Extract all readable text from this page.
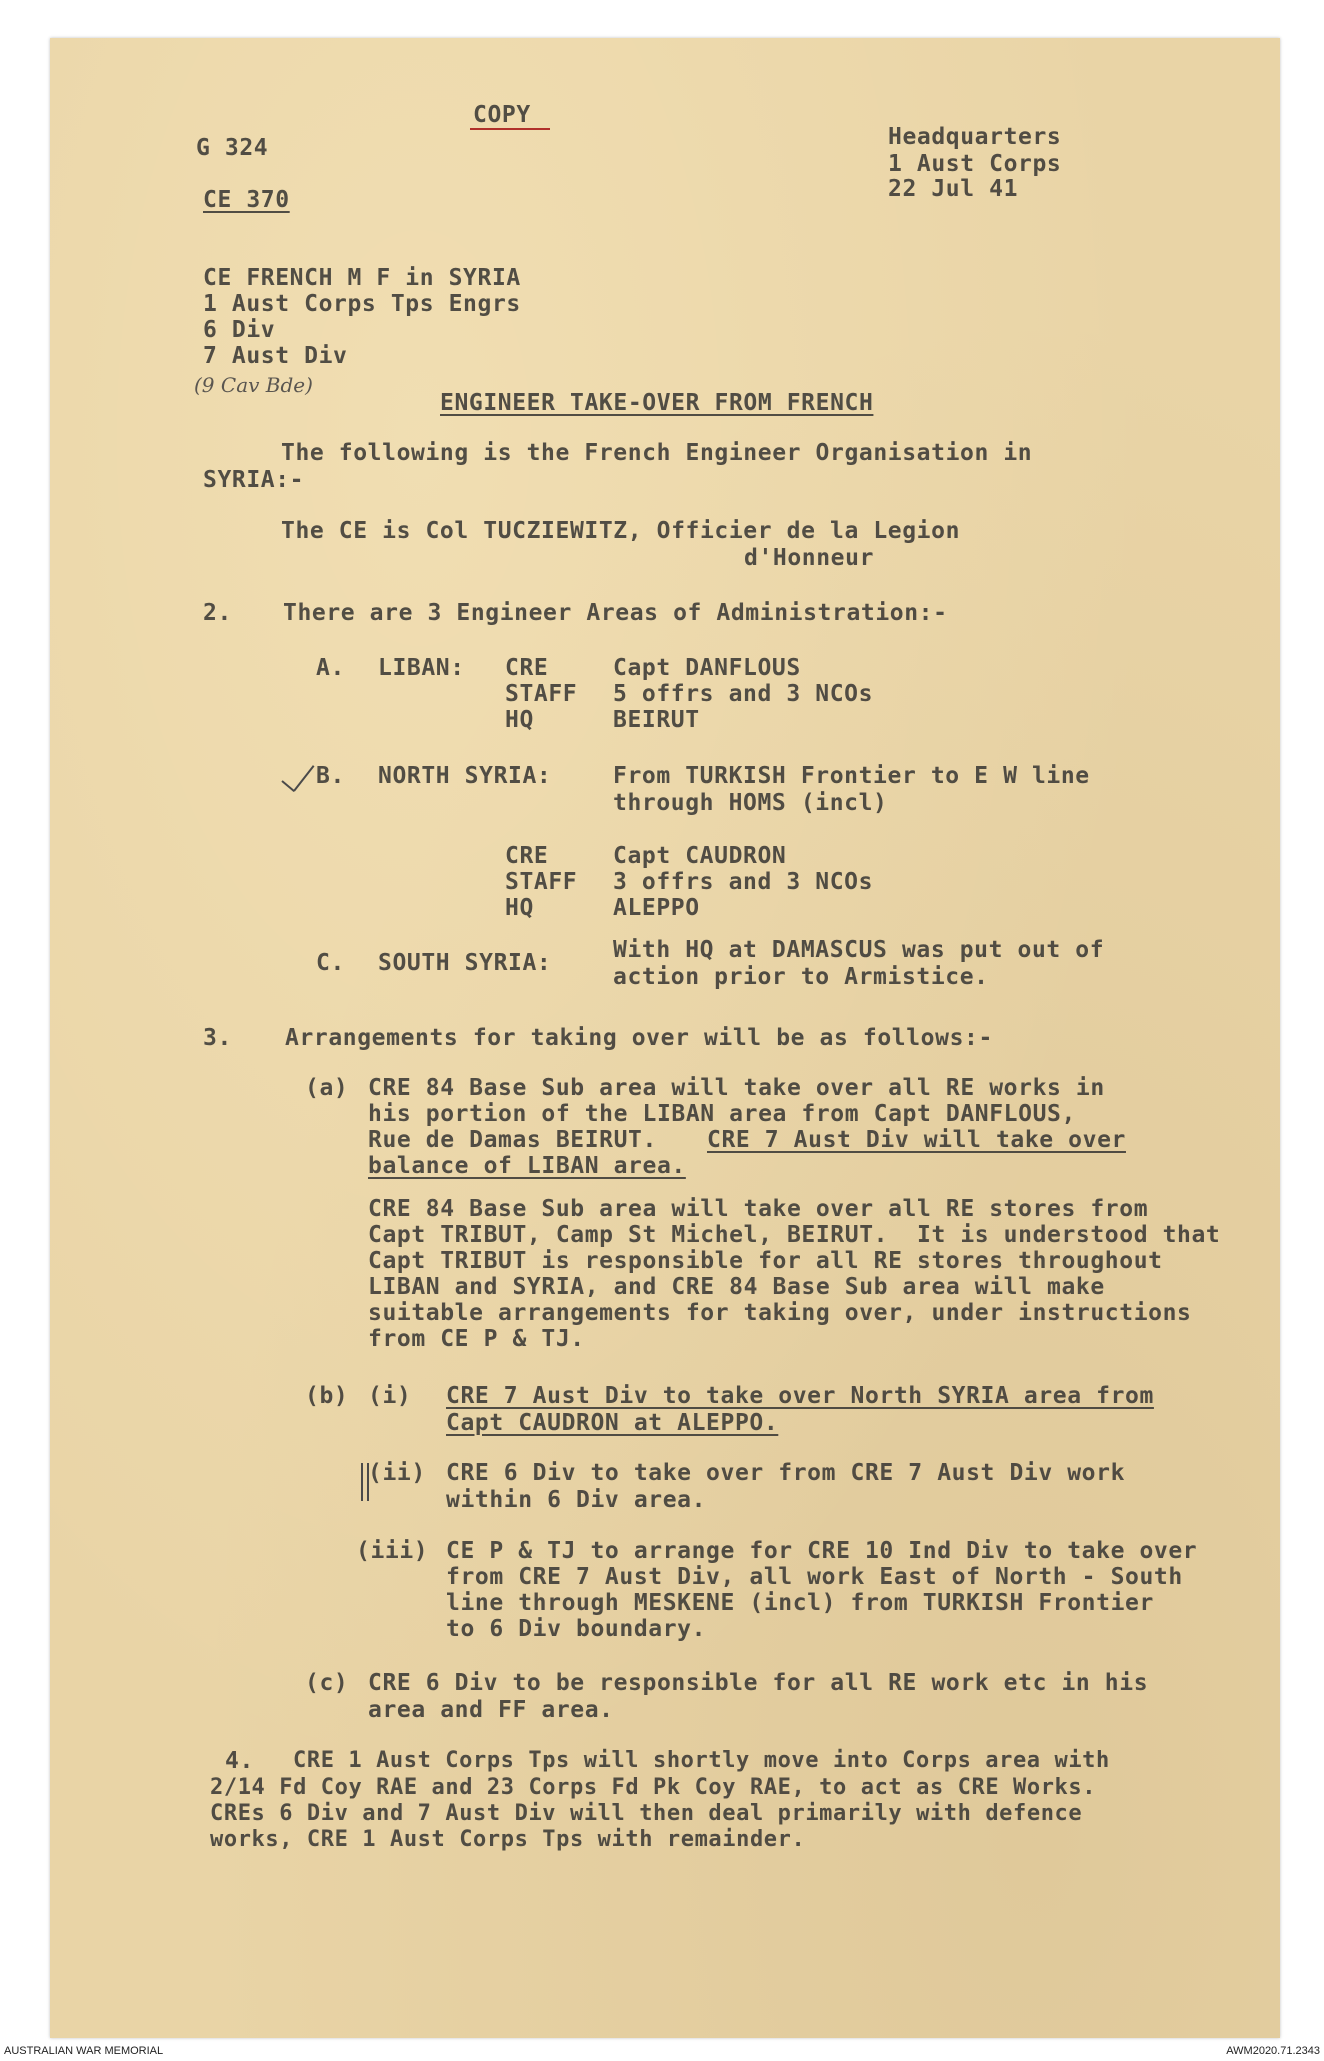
COPY
G 324
CE 370
Headquarters
1 Aust Corps
22 Jul 41
CE FRENCH M F in SYRIA
1 Aust Corps Tps Engrs
6 Div
7 Aust Div
(9 Cav Bde)
ENGINEER TAKE-OVER FROM FRENCH
The following is the French Engineer Organisation in
SYRIA:-
The CE is Col TUCZIEWITZ, Officier de la Legion
d'Honneur
2. There are 3 Engineer Areas of Administration:-
A. LIBAN: CRE	Capt DANFLOUS
STAFF 5 offrs and 3 NCOs
HQ	BEIRUT
B. NORTH SYRIA:	From TURKISH Frontier to E W line
through HOMS (incl)
CRE	Capt CAUDRON
STAFF 3 offrs and 3 NCOs
HQ	ALEPPO
C. SOUTH SYRIA:	With HQ at DAMASCUS was put out of
action prior to Armistice.
3. Arrangements for taking over will be as follows:-
(a) CRE 84 Base Sub area will take over all RE works in
his portion of the LIBAN area from Capt DANFLOUS,
Rue de Damas BEIRUT. CRE 7 Aust Div will take over
balance of LIBAN area.
CRE 84 Base Sub area will take over all RE stores from
Capt TRIBUT, Camp St Michel, BEIRUT.  It is understood that
Capt TRIBUT is responsible for all RE stores throughout
LIBAN and SYRIA, and CRE 84 Base Sub area will make
suitable arrangements for taking over, under instructions
from CE P & TJ.
(b) (i) CRE 7 Aust Div to take over North SYRIA area from
Capt CAUDRON at ALEPPO.
(ii) CRE 6 Div to take over from CRE 7 Aust Div work
within 6 Div area.
(iii) CE P & TJ to arrange for CRE 10 Ind Div to take over
from CRE 7 Aust Div, all work East of North - South
line through MESKENE (incl) from TURKISH Frontier
to 6 Div boundary.
(c) CRE 6 Div to be responsible for all RE work etc in his
area and FF area.
4. CRE 1 Aust Corps Tps will shortly move into Corps area with
2/14 Fd Coy RAE and 23 Corps Fd Pk Coy RAE, to act as CRE Works.
CREs 6 Div and 7 Aust Div will then deal primarily with defence
works, CRE 1 Aust Corps Tps with remainder.
AUSTRALIAN WAR MEMORIAL	AWM2020.71.2343
